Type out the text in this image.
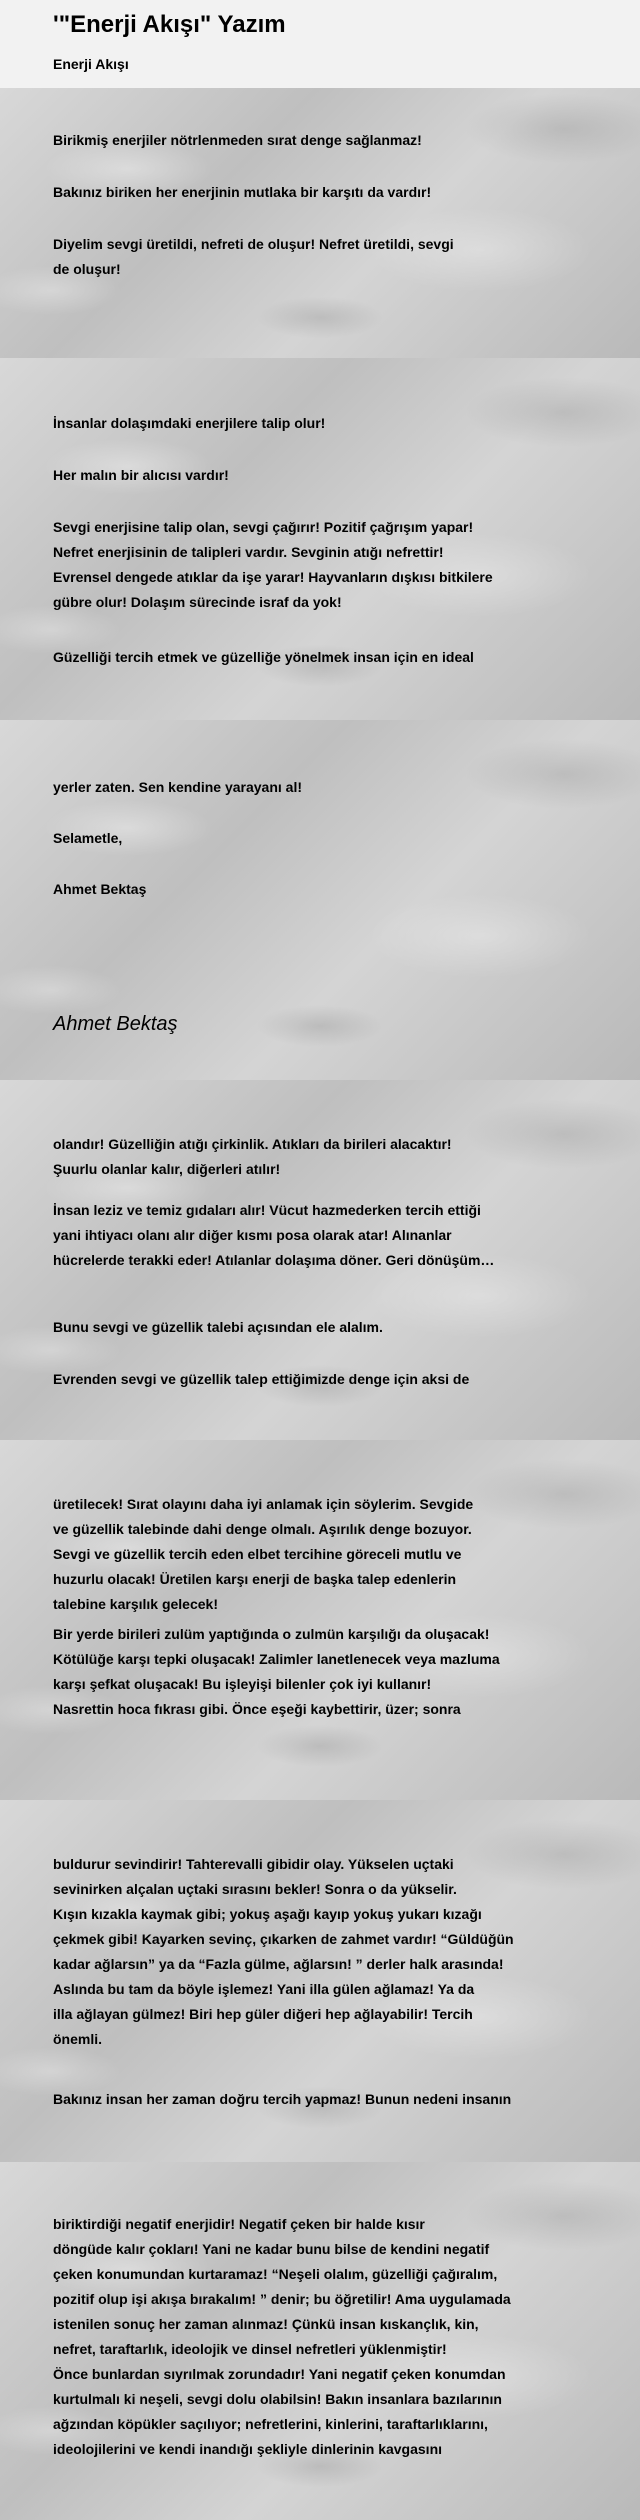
'"Enerji Akışı" Yazım
Enerji Akışı

Birikmiş enerjiler nötrlenmeden sırat denge sağlanmaz!

Bakınız biriken her enerjinin mutlaka bir karşıtı da vardır!

Diyelim sevgi üretildi, nefreti de oluşur! Nefret üretildi, sevgi
de oluşur!

İnsanlar dolaşımdaki enerjilere talip olur!

Her malın bir alıcısı vardır!

Sevgi enerjisine talip olan, sevgi çağırır! Pozitif çağrışım yapar!
Nefret enerjisinin de talipleri vardır. Sevginin atığı nefrettir!
Evrensel dengede atıklar da işe yarar! Hayvanların dışkısı bitkilere
gübre olur! Dolaşım sürecinde israf da yok!

Güzelliği tercih etmek ve güzelliğe yönelmek insan için en ideal

yerler zaten. Sen kendine yarayanı al!

Selametle,

Ahmet Bektaş

Ahmet Bektaş

olandır! Güzelliğin atığı çirkinlik. Atıkları da birileri alacaktır!
Şuurlu olanlar kalır, diğerleri atılır!

İnsan leziz ve temiz gıdaları alır! Vücut hazmederken tercih ettiği
yani ihtiyacı olanı alır diğer kısmı posa olarak atar! Alınanlar
hücrelerde terakki eder! Atılanlar dolaşıma döner. Geri dönüşüm…

Bunu sevgi ve güzellik talebi açısından ele alalım.

Evrenden sevgi ve güzellik talep ettiğimizde denge için aksi de

üretilecek! Sırat olayını daha iyi anlamak için söylerim. Sevgide
ve güzellik talebinde dahi denge olmalı. Aşırılık denge bozuyor.
Sevgi ve güzellik tercih eden elbet tercihine göreceli mutlu ve
huzurlu olacak! Üretilen karşı enerji de başka talep edenlerin
talebine karşılık gelecek!

Bir yerde birileri zulüm yaptığında o zulmün karşılığı da oluşacak!
Kötülüğe karşı tepki oluşacak! Zalimler lanetlenecek veya mazluma
karşı şefkat oluşacak! Bu işleyişi bilenler çok iyi kullanır!
Nasrettin hoca fıkrası gibi. Önce eşeği kaybettirir, üzer; sonra

buldurur sevindirir! Tahterevalli gibidir olay. Yükselen uçtaki
sevinirken alçalan uçtaki sırasını bekler! Sonra o da yükselir.
Kışın kızakla kaymak gibi; yokuş aşağı kayıp yokuş yukarı kızağı
çekmek gibi! Kayarken sevinç, çıkarken de zahmet vardır! “Güldüğün
kadar ağlarsın” ya da “Fazla gülme, ağlarsın! ” derler halk arasında!
Aslında bu tam da böyle işlemez! Yani illa gülen ağlamaz! Ya da
illa ağlayan gülmez! Biri hep güler diğeri hep ağlayabilir! Tercih
önemli.

Bakınız insan her zaman doğru tercih yapmaz! Bunun nedeni insanın

biriktirdiği negatif enerjidir! Negatif çeken bir halde kısır
döngüde kalır çokları! Yani ne kadar bunu bilse de kendini negatif
çeken konumundan kurtaramaz! “Neşeli olalım, güzelliği çağıralım,
pozitif olup işi akışa bırakalım! ” denir; bu öğretilir! Ama uygulamada
istenilen sonuç her zaman alınmaz! Çünkü insan kıskançlık, kin,
nefret, taraftarlık, ideolojik ve dinsel nefretleri yüklenmiştir!
Önce bunlardan sıyrılmak zorundadır! Yani negatif çeken konumdan
kurtulmalı ki neşeli, sevgi dolu olabilsin! Bakın insanlara bazılarının
ağzından köpükler saçılıyor; nefretlerini, kinlerini, taraftarlıklarını,
ideolojilerini ve kendi inandığı şekliyle dinlerinin kavgasını
